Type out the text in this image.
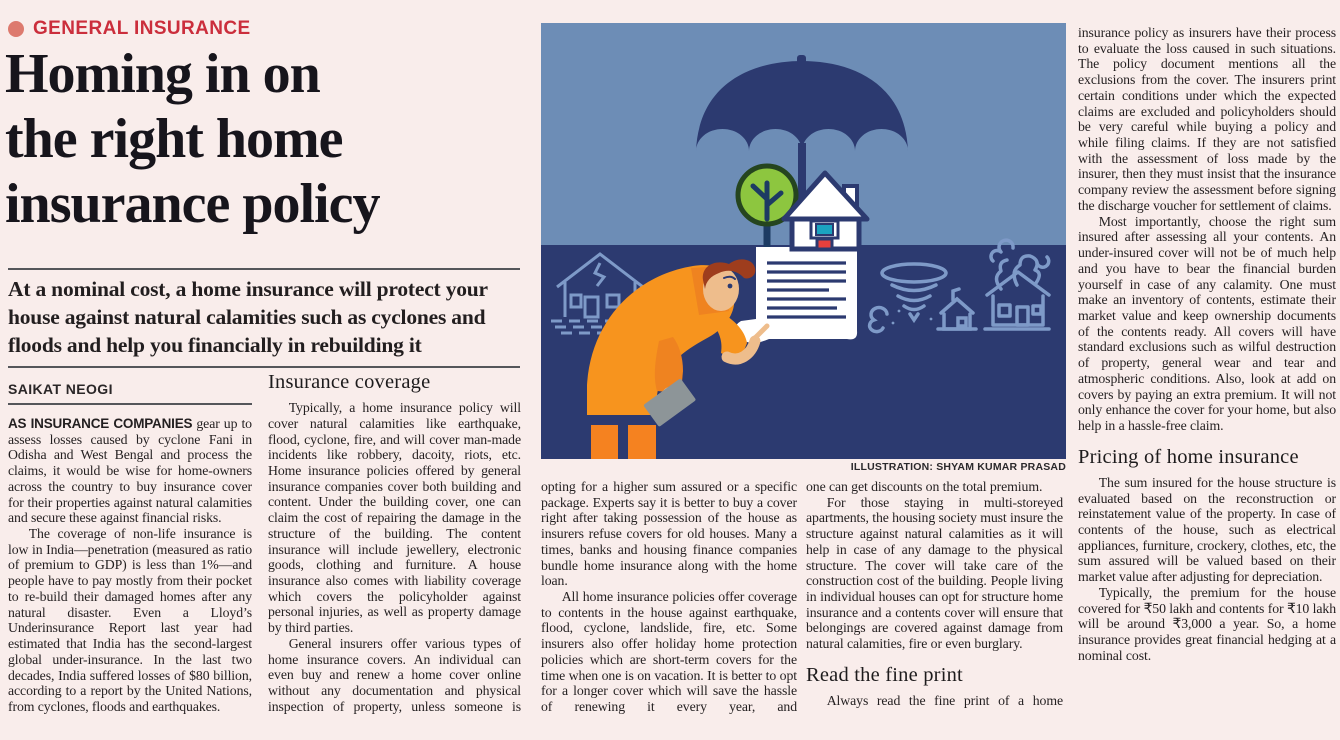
GENERAL INSURANCE
Homing in on
the right home
insurance policy
At a nominal cost, a home insurance will protect your
house against natural calamities such as cyclones and
floods and help you financially in rebuilding it
SAIKAT NEOGI

AS INSURANCE COMPANIES gear up to assess losses caused by cyclone Fani in Odisha and West Bengal and process the claims, it would be wise for home-owners across the country to buy insurance cover for their properties against natural calamities and secure these against financial risks.

The coverage of non-life insurance is low in India—penetration (measured as ratio of premium to GDP) is less than 1%—and people have to pay mostly from their pocket to re-build their damaged homes after any natural disaster. Even a Lloyd’s Underinsurance Report last year had estimated that India has the second-largest global under-insurance. In the last two decades, India suffered losses of $80 billion, according to a report by the United Nations, from cyclones, floods and earthquakes.

Insurance coverage

Typically, a home insurance policy will cover natural calamities like earthquake, flood, cyclone, fire, and will cover man-made incidents like robbery, dacoity, riots, etc. Home insurance policies offered by general insurance companies cover both building and content. Under the building cover, one can claim the cost of repairing the damage in the structure of the building. The content insurance will include jewellery, electronic goods, clothing and furniture. A house insurance also comes with liability coverage which covers the policyholder against personal injuries, as well as property damage by third parties.

General insurers offer various types of home insurance covers. An individual can even buy and renew a home cover online without any documentation and physical inspection of property, unless someone is

ILLUSTRATION: SHYAM KUMAR PRASAD

opting for a higher sum assured or a specific package. Experts say it is better to buy a cover right after taking possession of the house as insurers refuse covers for old houses. Many a times, banks and housing finance companies bundle home insurance along with the home loan.

All home insurance policies offer coverage to contents in the house against earthquake, flood, cyclone, landslide, fire, etc. Some insurers also offer holiday home protection policies which are short-term covers for the time when one is on vacation. It is better to opt for a longer cover which will save the hassle of renewing it every year, and

one can get discounts on the total premium.

For those staying in multi-storeyed apartments, the housing society must insure the structure against natural calamities as it will help in case of any damage to the physical structure. The cover will take care of the construction cost of the building. People living in individual houses can opt for structure home insurance and a contents cover will ensure that belongings are covered against damage from natural calamities, fire or even burglary.

Read the fine print

Always read the fine print of a home

insurance policy as insurers have their process to evaluate the loss caused in such situations. The policy document mentions all the exclusions from the cover. The insurers print certain conditions under which the expected claims are excluded and policyholders should be very careful while buying a policy and while filing claims. If they are not satisfied with the assessment of loss made by the insurer, then they must insist that the insurance company review the assessment before signing the discharge voucher for settlement of claims.

Most importantly, choose the right sum insured after assessing all your contents. An under-insured cover will not be of much help and you have to bear the financial burden yourself in case of any calamity. One must make an inventory of contents, estimate their market value and keep ownership documents of the contents ready. All covers will have standard exclusions such as wilful destruction of property, general wear and tear and atmospheric conditions. Also, look at add on covers by paying an extra premium. It will not only enhance the cover for your home, but also help in a hassle-free claim.

Pricing of home insurance

The sum insured for the house structure is evaluated based on the reconstruction or reinstatement value of the property. In case of contents of the house, such as electrical appliances, furniture, crockery, clothes, etc, the sum assured will be valued based on their market value after adjusting for depreciation.

Typically, the premium for the house covered for ₹50 lakh and contents for ₹10 lakh will be around ₹3,000 a year. So, a home insurance provides great financial hedging at a nominal cost.
